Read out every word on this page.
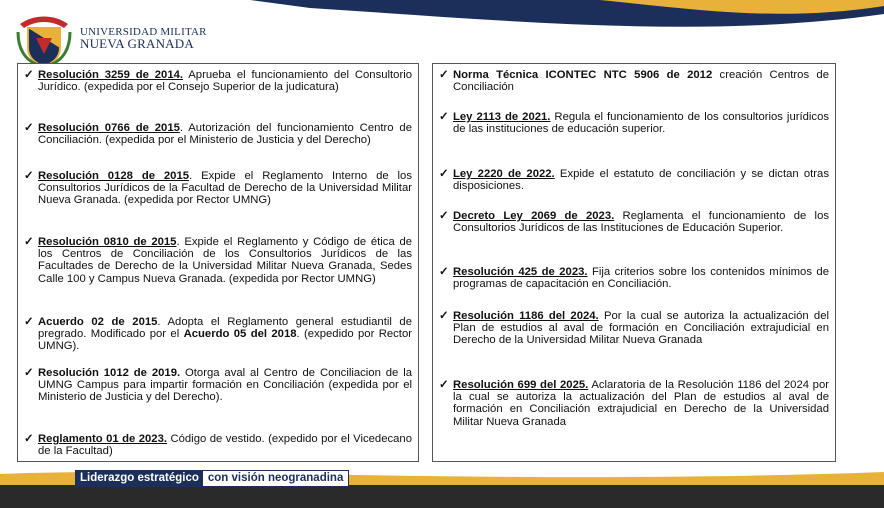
UNIVERSIDAD MILITAR
NUEVA GRANADA
✓ Resolución 3259 de 2014. Aprueba el funcionamiento del Consultorio Jurídico. (expedida por el Consejo Superior de la judicatura)
✓ Resolución 0766 de 2015. Autorización del funcionamiento Centro de Conciliación. (expedida por el Ministerio de Justicia y del Derecho)
✓ Resolución 0128 de 2015. Expide el Reglamento Interno de los Consultorios Jurídicos de la Facultad de Derecho de la Universidad Militar Nueva Granada. (expedida por Rector UMNG)
✓ Resolución 0810 de 2015. Expide el Reglamento y Código de ética de los Centros de Conciliación de los Consultorios Jurídicos de las Facultades de Derecho de la Universidad Militar Nueva Granada, Sedes Calle 100 y Campus Nueva Granada. (expedida por Rector UMNG)
✓ Acuerdo 02 de 2015. Adopta el Reglamento general estudiantil de pregrado. Modificado por el Acuerdo 05 del 2018. (expedido por Rector UMNG).
✓ Resolución 1012 de 2019. Otorga aval al Centro de Conciliacion de la UMNG Campus para impartir formación en Conciliación (expedida por el Ministerio de Justicia y del Derecho).
✓ Reglamento 01 de 2023. Código de vestido. (expedido por el Vicedecano de la Facultad)
✓ Norma Técnica ICONTEC NTC 5906 de 2012 creación Centros de Conciliación
✓ Ley 2113 de 2021. Regula el funcionamiento de los consultorios jurídicos de las instituciones de educación superior.
✓ Ley 2220 de 2022. Expide el estatuto de conciliación y se dictan otras disposiciones.
✓ Decreto Ley 2069 de 2023. Reglamenta el funcionamiento de los Consultorios Jurídicos de las Instituciones de Educación Superior.
✓ Resolución 425 de 2023. Fija criterios sobre los contenidos mínimos de programas de capacitación en Conciliación.
✓ Resolución 1186 del 2024. Por la cual se autoriza la actualización del Plan de estudios al aval de formación en Conciliación extrajudicial en Derecho de la Universidad Militar Nueva Granada
✓ Resolución 699 del 2025. Aclaratoria de la Resolución 1186 del 2024 por la cual se autoriza la actualización del Plan de estudios al aval de formación en Conciliación extrajudicial en Derecho de la Universidad Militar Nueva Granada
Liderazgo estratégico con visión neogranadina
